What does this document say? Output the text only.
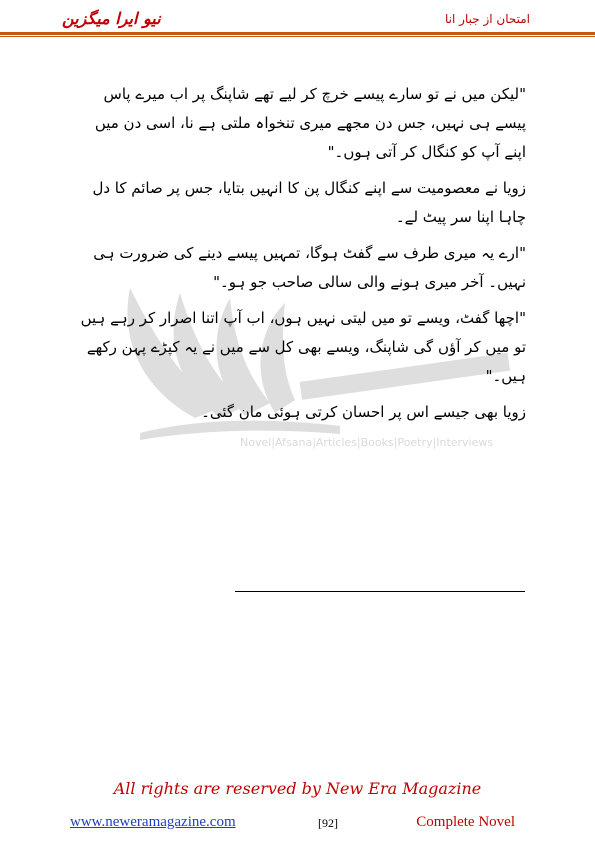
امتحان از جبار انا
نیو ایرا میگزین
Novel|Afsana|Articles|Books|Poetry|Interviews

"لیکن میں نے تو سارے پیسے خرچ کر لیے تھے شاپنگ پر اب میرے پاس پیسے ہی نہیں، جس دن مجھے میری تنخواہ ملتی ہے نا، اسی دن میں اپنے آپ کو کنگال کر آتی ہوں۔"

زویا نے معصومیت سے اپنے کنگال پن کا انہیں بتایا، جس پر صائم کا دل چاہا اپنا سر پیٹ لے۔

"ارے یہ میری طرف سے گفٹ ہوگا، تمہیں پیسے دینے کی ضرورت ہی نہیں۔ آخر میری ہونے والی سالی صاحب جو ہو۔"

"اچھا گفٹ، ویسے تو میں لیتی نہیں ہوں، اب آپ اتنا اصرار کر رہے ہیں تو میں کر آؤں گی شاپنگ، ویسے بھی کل سے میں نے یہ کپڑے پہن رکھے ہیں۔"

زویا بھی جیسے اس پر احسان کرتی ہوئی مان گئی۔

All rights are reserved by New Era Magazine
www.neweramagazine.com	[92]	Complete Novel
